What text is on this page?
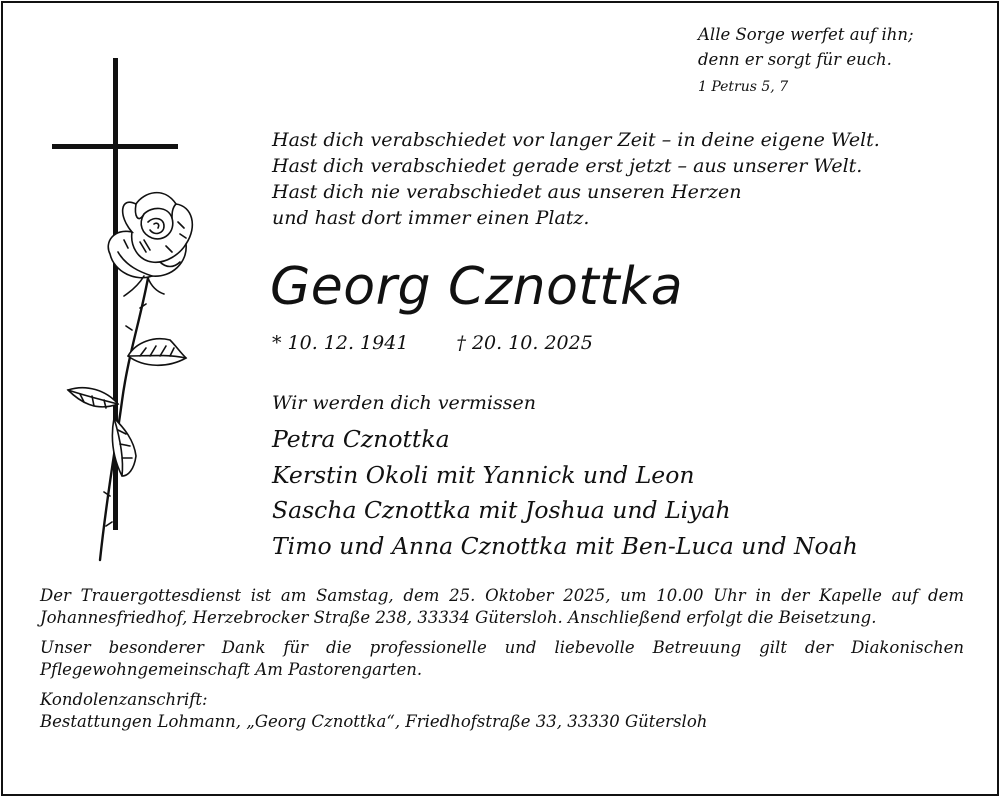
Alle Sorge werfet auf ihn;
denn er sorgt für euch.
1 Petrus 5, 7
Hast dich verabschiedet vor langer Zeit – in deine eigene Welt.
Hast dich verabschiedet gerade erst jetzt – aus unserer Welt.
Hast dich nie verabschiedet aus unseren Herzen
und hast dort immer einen Platz.
Georg Cznottka
* 10. 12. 1941	† 20. 10. 2025
Wir werden dich vermissen
Petra Cznottka
Kerstin Okoli mit Yannick und Leon
Sascha Cznottka mit Joshua und Liyah
Timo und Anna Cznottka mit Ben-Luca und Noah

Der Trauergottesdienst ist am Samstag, dem 25. Oktober 2025, um 10.00 Uhr in der Kapelle auf dem Johannesfriedhof, Herzebrocker Straße 238, 33334 Gütersloh. Anschließend erfolgt die Beisetzung.

Unser besonderer Dank für die professionelle und liebevolle Betreuung gilt der Diakonischen Pflegewohngemeinschaft Am Pastorengarten.

Kondolenzanschrift:
Bestattungen Lohmann, „Georg Cznottka“, Friedhofstraße 33, 33330 Gütersloh
